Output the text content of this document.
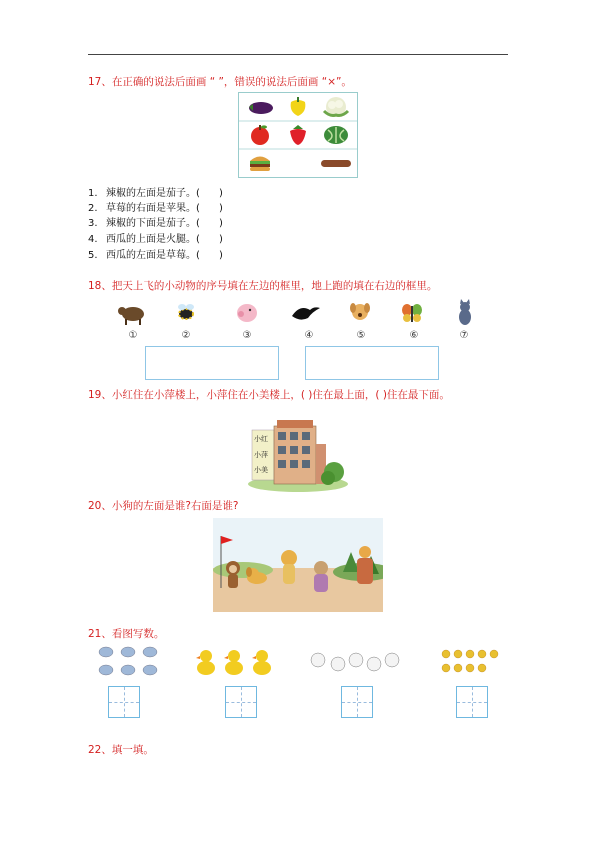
17、在正确的说法后面画 “ ”，错误的说法后面画 “×”。
1. 辣椒的左面是茄子。(      )
2. 草莓的右面是苹果。(      )
3. 辣椒的下面是茄子。(      )
4. 西瓜的上面是火腿。(      )
5. 西瓜的左面是草莓。(      )
18、把天上飞的小动物的序号填在左边的框里，地上跑的填在右边的框里。
①	②	③	④	⑤	⑥	⑦
19、小红住在小萍楼上，小萍住在小美楼上，( )住在最上面，( )住在最下面。
小红
小萍
小美
20、小狗的左面是谁?右面是谁?
21、看图写数。
22、填一填。
